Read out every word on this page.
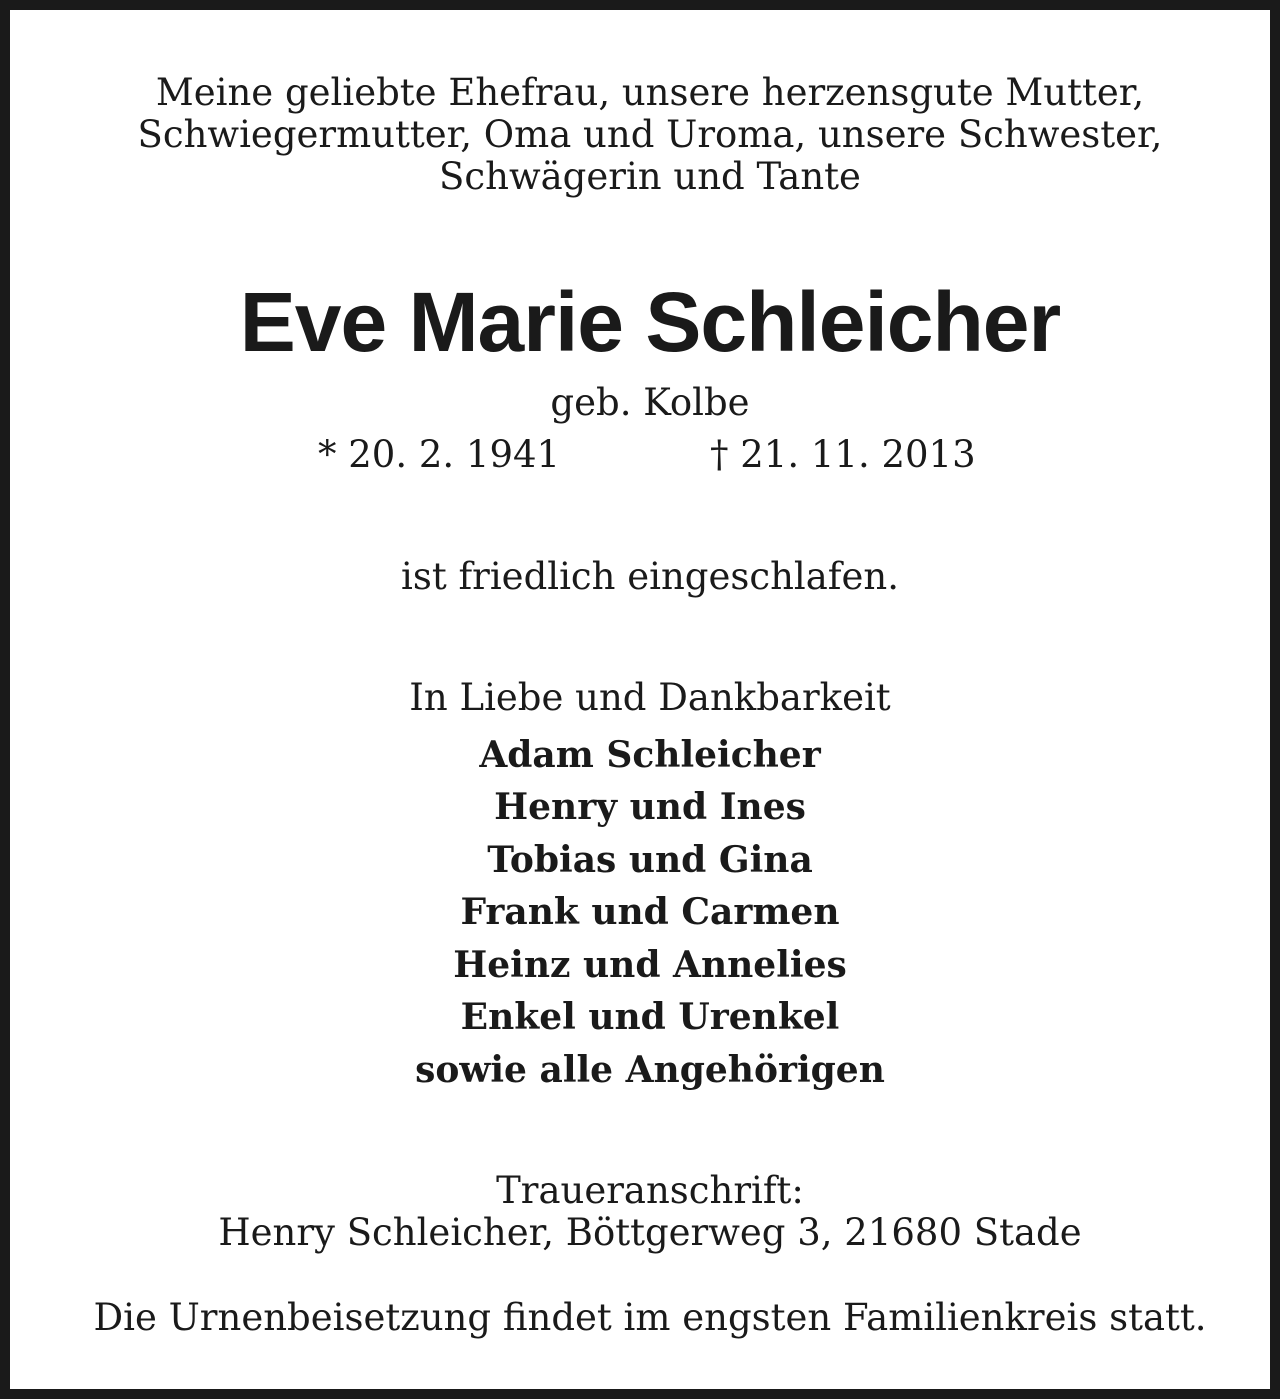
Meine geliebte Ehefrau, unsere herzensgute Mutter,

Schwiegermutter, Oma und Uroma, unsere Schwester,

Schwägerin und Tante

Eve Marie Schleicher

geb. Kolbe

* 20. 2. 1941	† 21. 11. 2013

ist friedlich eingeschlafen.

In Liebe und Dankbarkeit

Adam Schleicher

Henry und Ines

Tobias und Gina

Frank und Carmen

Heinz und Annelies

Enkel und Urenkel

sowie alle Angehörigen

Traueranschrift:

Henry Schleicher, Böttgerweg 3, 21680 Stade

Die Urnenbeisetzung findet im engsten Familienkreis statt.
